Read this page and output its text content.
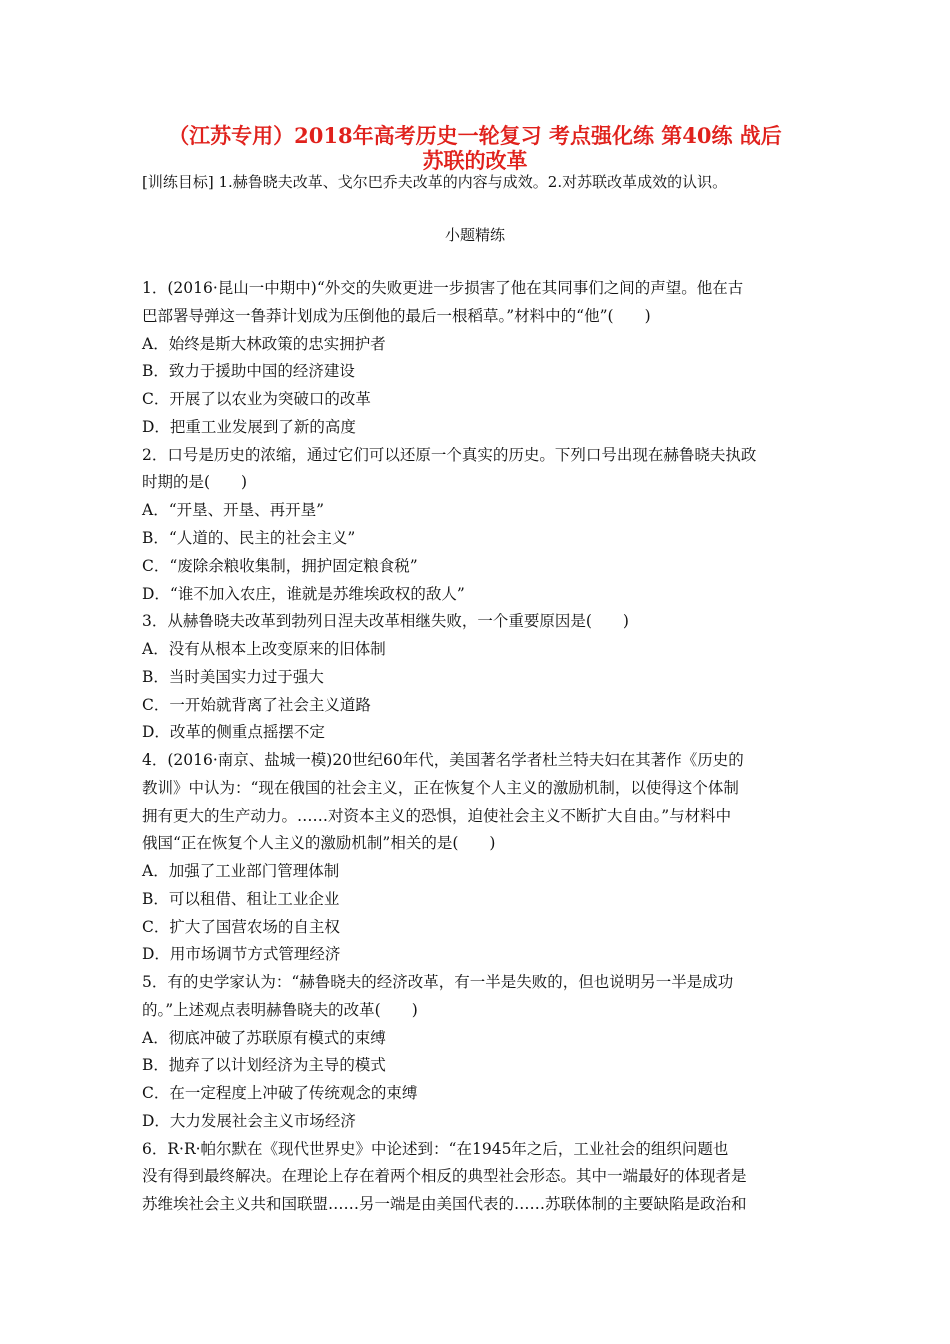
（江苏专用）2018年高考历史一轮复习 考点强化练 第40练 战后
苏联的改革
[训练目标] 1.赫鲁晓夫改革、戈尔巴乔夫改革的内容与成效。2.对苏联改革成效的认识。
小题精练
1．(2016·昆山一中期中)“外交的失败更进一步损害了他在其同事们之间的声望。他在古
巴部署导弹这一鲁莽计划成为压倒他的最后一根稻草。”材料中的“他”(　　)
A．始终是斯大林政策的忠实拥护者
B．致力于援助中国的经济建设
C．开展了以农业为突破口的改革
D．把重工业发展到了新的高度
2．口号是历史的浓缩，通过它们可以还原一个真实的历史。下列口号出现在赫鲁晓夫执政
时期的是(　　)
A．“开垦、开垦、再开垦”
B．“人道的、民主的社会主义”
C．“废除余粮收集制，拥护固定粮食税”
D．“谁不加入农庄，谁就是苏维埃政权的敌人”
3．从赫鲁晓夫改革到勃列日涅夫改革相继失败，一个重要原因是(　　)
A．没有从根本上改变原来的旧体制
B．当时美国实力过于强大
C．一开始就背离了社会主义道路
D．改革的侧重点摇摆不定
4．(2016·南京、盐城一模)20世纪60年代，美国著名学者杜兰特夫妇在其著作《历史的
教训》中认为：“现在俄国的社会主义，正在恢复个人主义的激励机制，以使得这个体制
拥有更大的生产动力。……对资本主义的恐惧，迫使社会主义不断扩大自由。”与材料中
俄国“正在恢复个人主义的激励机制”相关的是(　　)
A．加强了工业部门管理体制
B．可以租借、租让工业企业
C．扩大了国营农场的自主权
D．用市场调节方式管理经济
5．有的史学家认为：“赫鲁晓夫的经济改革，有一半是失败的，但也说明另一半是成功
的。”上述观点表明赫鲁晓夫的改革(　　)
A．彻底冲破了苏联原有模式的束缚
B．抛弃了以计划经济为主导的模式
C．在一定程度上冲破了传统观念的束缚
D．大力发展社会主义市场经济
6．R·R·帕尔默在《现代世界史》中论述到：“在1945年之后，工业社会的组织问题也
没有得到最终解决。在理论上存在着两个相反的典型社会形态。其中一端最好的体现者是
苏维埃社会主义共和国联盟……另一端是由美国代表的……苏联体制的主要缺陷是政治和
